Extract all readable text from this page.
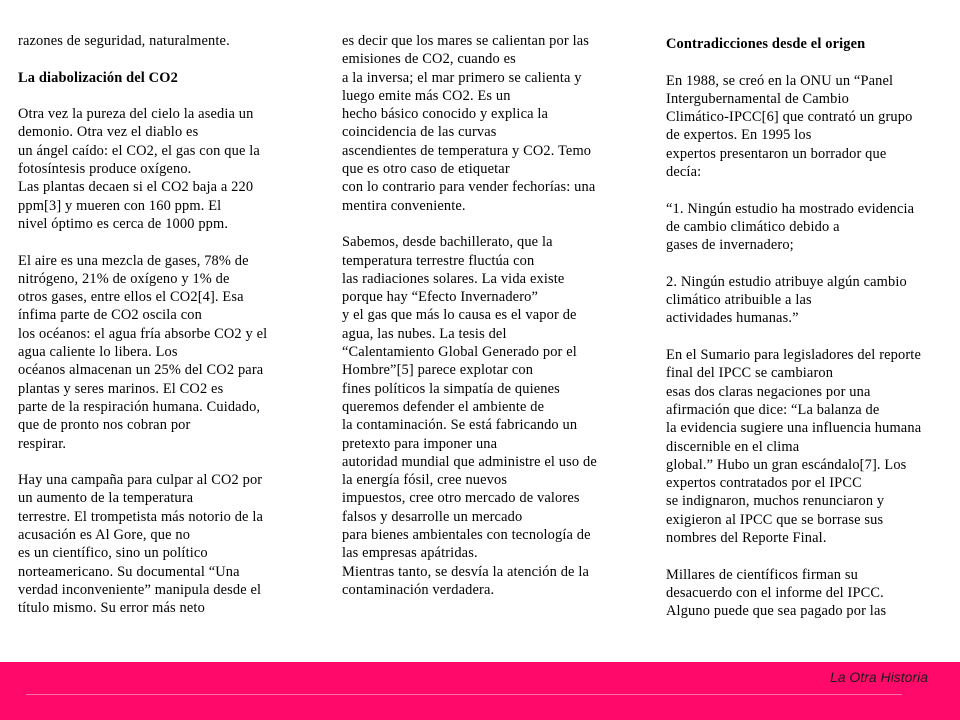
razones de seguridad, naturalmente.
La diabolización del CO2
Otra vez la pureza del cielo la asedia un
demonio. Otra vez el diablo es
un ángel caído: el CO2, el gas con que la
fotosíntesis produce oxígeno.
Las plantas decaen si el CO2 baja a 220
ppm[3] y mueren con 160 ppm. El
nivel óptimo es cerca de 1000 ppm.
El aire es una mezcla de gases, 78% de
nitrógeno, 21% de oxígeno y 1% de
otros gases, entre ellos el CO2[4]. Esa
ínfima parte de CO2 oscila con
los océanos: el agua fría absorbe CO2 y el
agua caliente lo libera. Los
océanos almacenan un 25% del CO2 para
plantas y seres marinos. El CO2 es
parte de la respiración humana. Cuidado,
que de pronto nos cobran por
respirar.
Hay una campaña para culpar al CO2 por
un aumento de la temperatura
terrestre. El trompetista más notorio de la
acusación es Al Gore, que no
es un científico, sino un político
norteamericano. Su documental “Una
verdad inconveniente” manipula desde el
título mismo. Su error más neto
es decir que los mares se calientan por las
emisiones de CO2, cuando es
a la inversa; el mar primero se calienta y
luego emite más CO2. Es un
hecho básico conocido y explica la
coincidencia de las curvas
ascendientes de temperatura y CO2. Temo
que es otro caso de etiquetar
con lo contrario para vender fechorías: una
mentira conveniente.
Sabemos, desde bachillerato, que la
temperatura terrestre fluctúa con
las radiaciones solares. La vida existe
porque hay “Efecto Invernadero”
y el gas que más lo causa es el vapor de
agua, las nubes. La tesis del
“Calentamiento Global Generado por el
Hombre”[5] parece explotar con
fines políticos la simpatía de quienes
queremos defender el ambiente de
la contaminación. Se está fabricando un
pretexto para imponer una
autoridad mundial que administre el uso de
la energía fósil, cree nuevos
impuestos, cree otro mercado de valores
falsos y desarrolle un mercado
para bienes ambientales con tecnología de
las empresas apátridas.
Mientras tanto, se desvía la atención de la
contaminación verdadera.
Contradicciones desde el origen
En 1988, se creó en la ONU un “Panel
Intergubernamental de Cambio
Climático-IPCC[6] que contrató un grupo
de expertos. En 1995 los
expertos presentaron un borrador que
decía:
“1. Ningún estudio ha mostrado evidencia
de cambio climático debido a
gases de invernadero;
2. Ningún estudio atribuye algún cambio
climático atribuible a las
actividades humanas.”
En el Sumario para legisladores del reporte
final del IPCC se cambiaron
esas dos claras negaciones por una
afirmación que dice: “La balanza de
la evidencia sugiere una influencia humana
discernible en el clima
global.” Hubo un gran escándalo[7]. Los
expertos contratados por el IPCC
se indignaron, muchos renunciaron y
exigieron al IPCC que se borrase sus
nombres del Reporte Final.
Millares de científicos firman su
desacuerdo con el informe del IPCC.
Alguno puede que sea pagado por las
La Otra Historia
